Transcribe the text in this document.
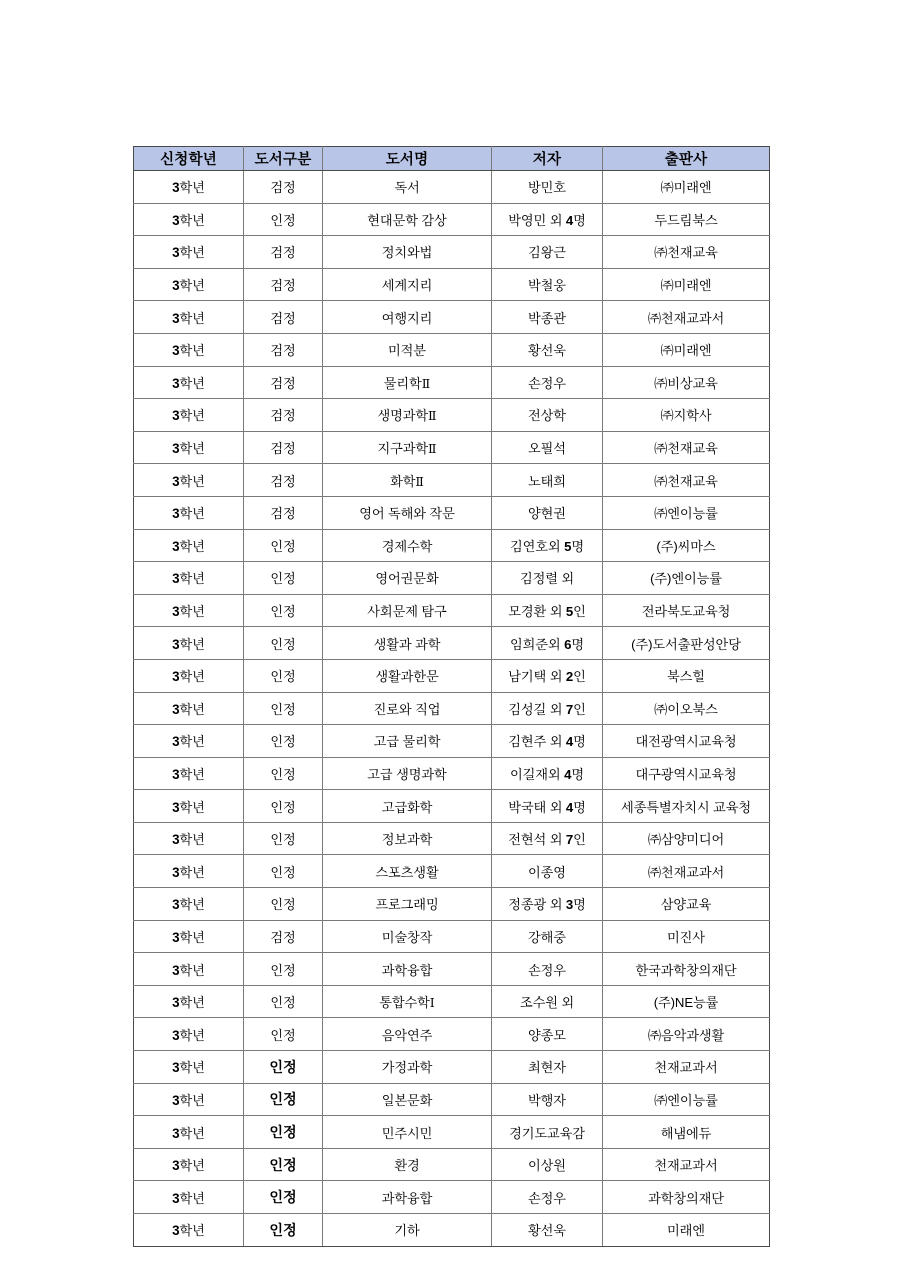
신청학년	도서구분	도서명	저자	출판사
3학년	검정	독서	방민호	㈜미래엔
3학년	인정	현대문학 감상	박영민 외 4명	두드림북스
3학년	검정	정치와법	김왕근	㈜천재교육
3학년	검정	세계지리	박철웅	㈜미래엔
3학년	검정	여행지리	박종관	㈜천재교과서
3학년	검정	미적분	황선욱	㈜미래엔
3학년	검정	물리학Ⅱ	손정우	㈜비상교육
3학년	검정	생명과학Ⅱ	전상학	㈜지학사
3학년	검정	지구과학Ⅱ	오필석	㈜천재교육
3학년	검정	화학Ⅱ	노태희	㈜천재교육
3학년	검정	영어 독해와 작문	양현권	㈜엔이능률
3학년	인정	경제수학	김연호외 5명	(주)씨마스
3학년	인정	영어권문화	김정렬 외	(주)엔이능률
3학년	인정	사회문제 탐구	모경환 외 5인	전라북도교육청
3학년	인정	생활과 과학	임희준외 6명	(주)도서출판성안당
3학년	인정	생활과한문	남기택 외 2인	북스힐
3학년	인정	진로와 직업	김성길 외 7인	㈜이오북스
3학년	인정	고급 물리학	김현주 외 4명	대전광역시교육청
3학년	인정	고급 생명과학	이길재외 4명	대구광역시교육청
3학년	인정	고급화학	박국태 외 4명	세종특별자치시 교육청
3학년	인정	정보과학	전현석 외 7인	㈜삼양미디어
3학년	인정	스포츠생활	이종영	㈜천재교과서
3학년	인정	프로그래밍	정종광 외 3명	삼양교육
3학년	검정	미술창작	강해중	미진사
3학년	인정	과학융합	손정우	한국과학창의재단
3학년	인정	통합수학Ⅰ	조수원 외	(주)NE능률
3학년	인정	음악연주	양종모	㈜음악과생활
3학년	인정	가정과학	최현자	천재교과서
3학년	인정	일본문화	박행자	㈜엔이능률
3학년	인정	민주시민	경기도교육감	해냄에듀
3학년	인정	환경	이상원	천재교과서
3학년	인정	과학융합	손정우	과학창의재단
3학년	인정	기하	황선욱	미래엔
